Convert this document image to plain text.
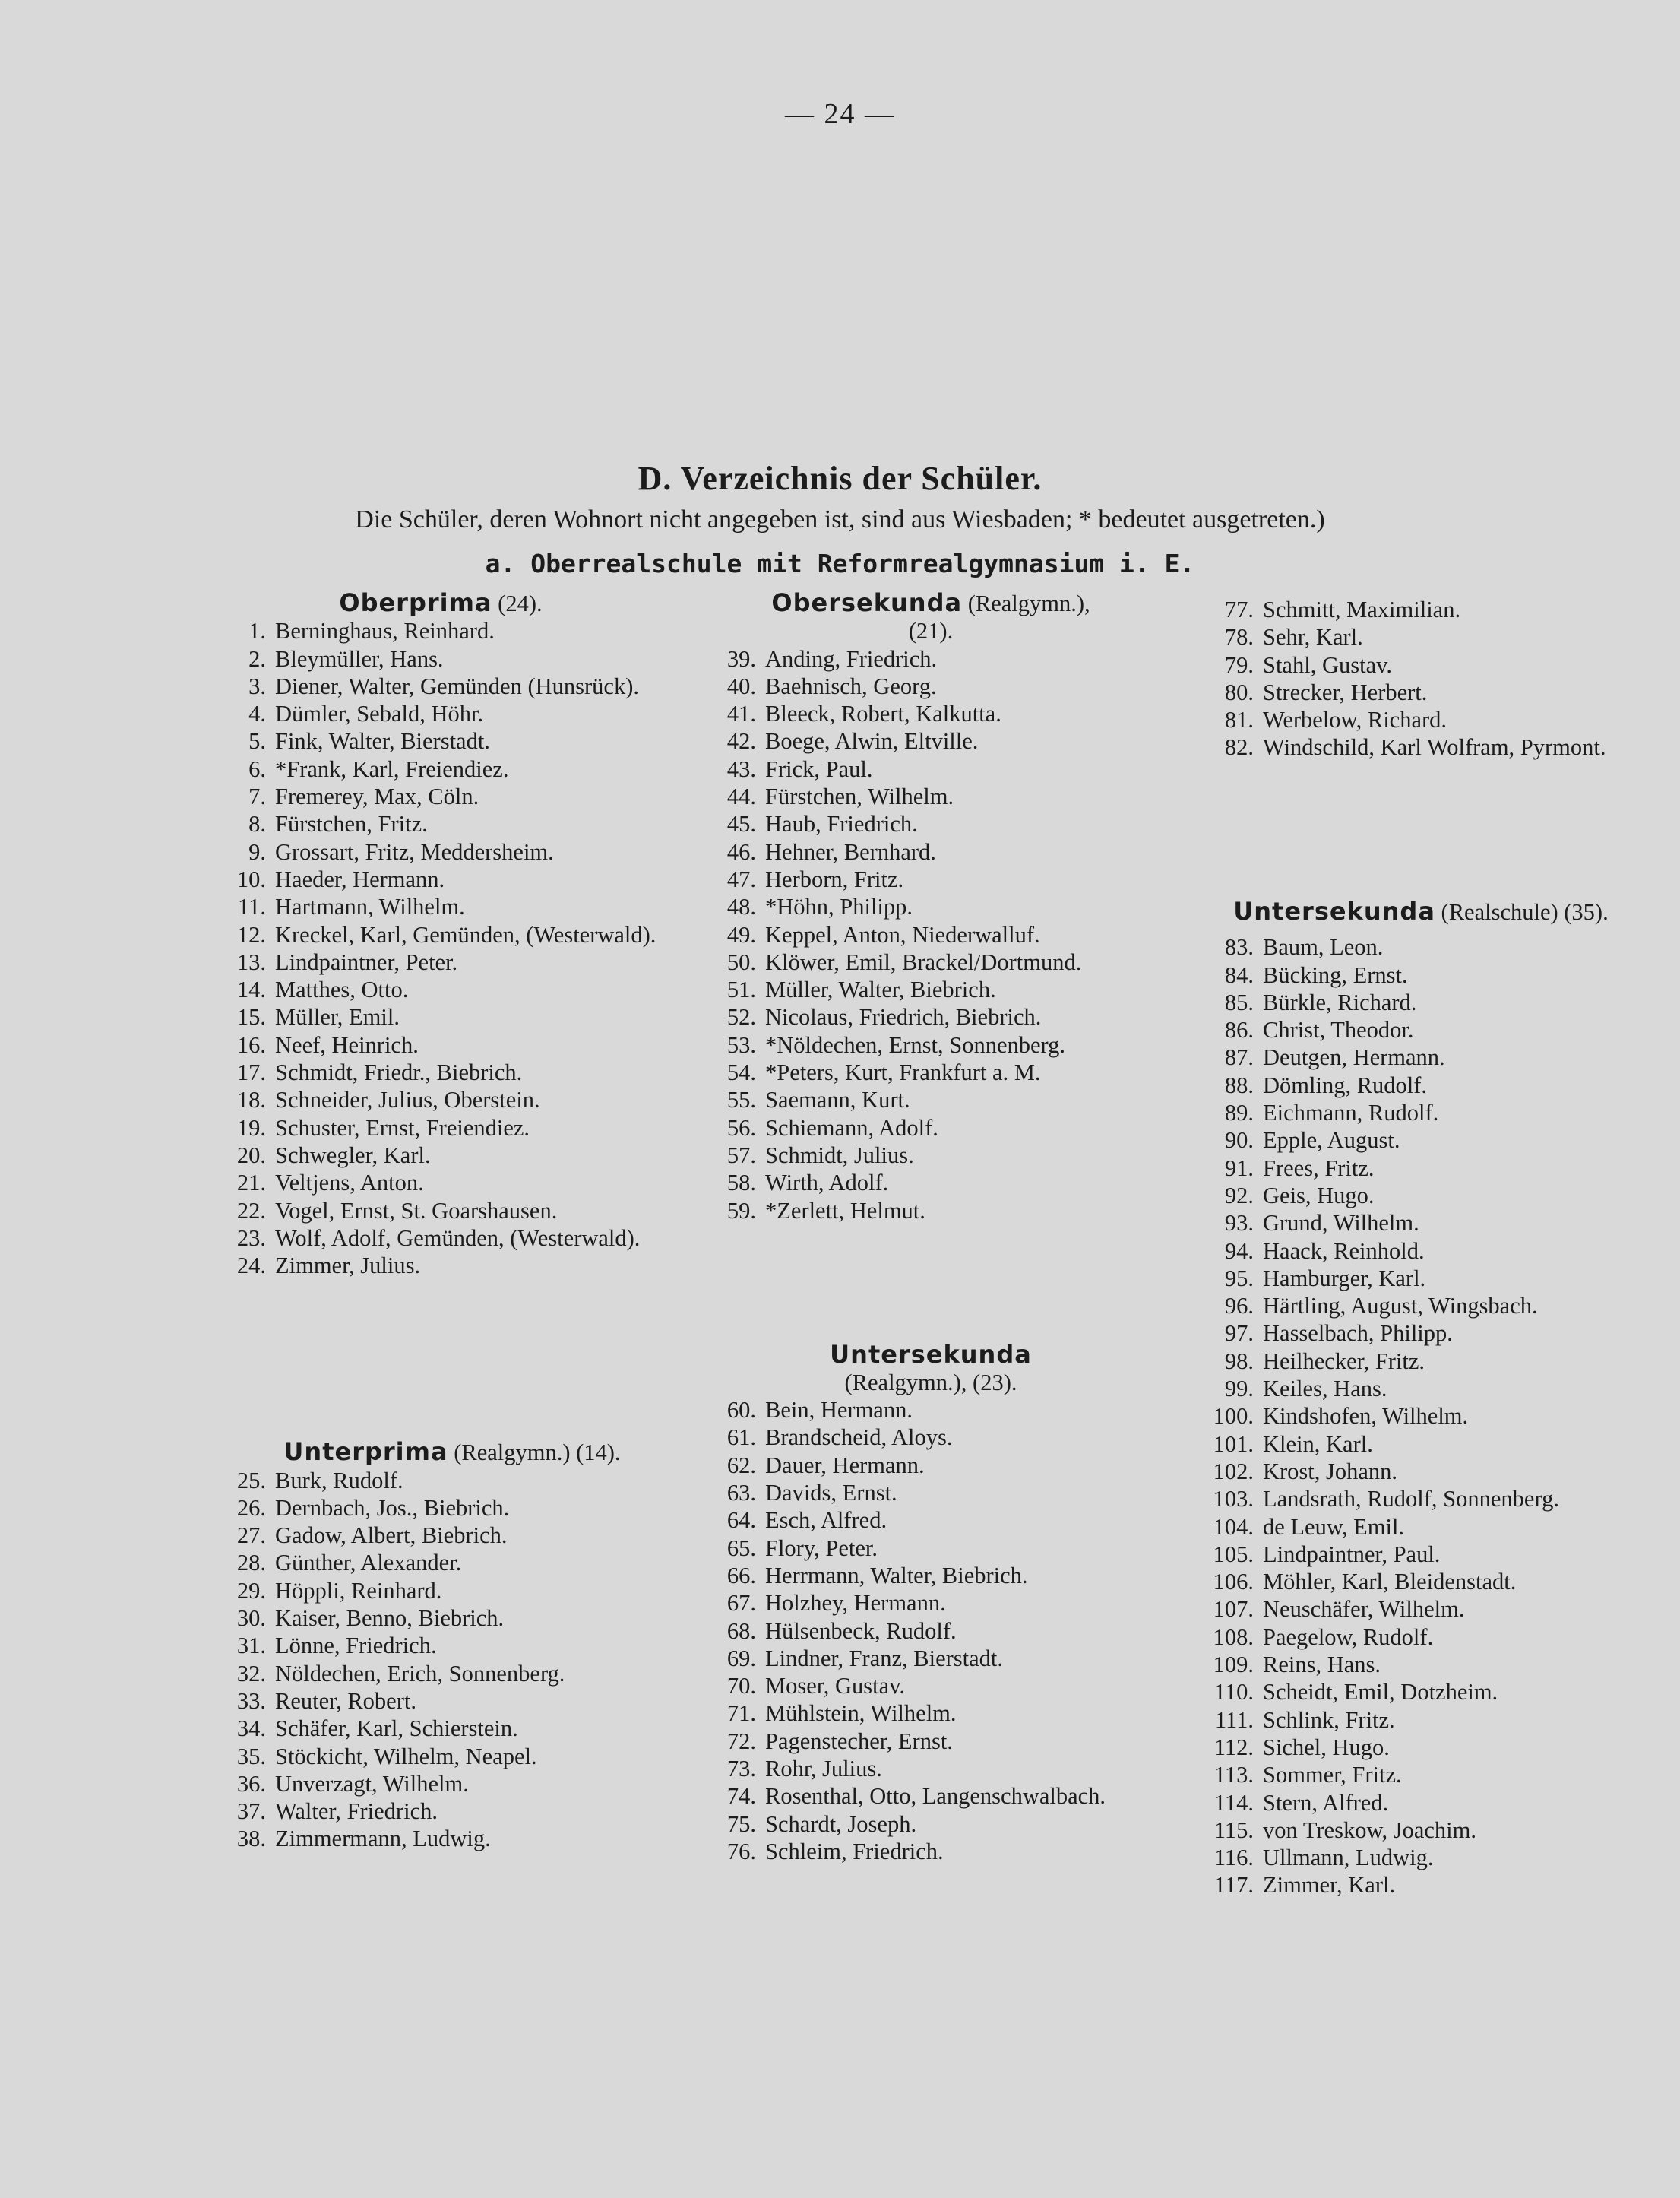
— 24 —
D. Verzeichnis der Schüler.
Die Schüler, deren Wohnort nicht angegeben ist, sind aus Wiesbaden; * bedeutet ausgetreten.)
a. Oberrealschule mit Reformrealgymnasium i. E.
Oberprima (24).
1. Berninghaus, Reinhard.
2. Bleymüller, Hans.
3. Diener, Walter, Gemünden (Hunsrück).
4. Dümler, Sebald, Höhr.
5. Fink, Walter, Bierstadt.
6. *Frank, Karl, Freiendiez.
7. Fremerey, Max, Cöln.
8. Fürstchen, Fritz.
9. Grossart, Fritz, Meddersheim.
10. Haeder, Hermann.
11. Hartmann, Wilhelm.
12. Kreckel, Karl, Gemünden, (Westerwald).
13. Lindpaintner, Peter.
14. Matthes, Otto.
15. Müller, Emil.
16. Neef, Heinrich.
17. Schmidt, Friedr., Biebrich.
18. Schneider, Julius, Oberstein.
19. Schuster, Ernst, Freiendiez.
20. Schwegler, Karl.
21. Veltjens, Anton.
22. Vogel, Ernst, St. Goarshausen.
23. Wolf, Adolf, Gemünden, (Westerwald).
24. Zimmer, Julius.
Unterprima (Realgymn.) (14).
25. Burk, Rudolf.
26. Dernbach, Jos., Biebrich.
27. Gadow, Albert, Biebrich.
28. Günther, Alexander.
29. Höppli, Reinhard.
30. Kaiser, Benno, Biebrich.
31. Lönne, Friedrich.
32. Nöldechen, Erich, Sonnenberg.
33. Reuter, Robert.
34. Schäfer, Karl, Schierstein.
35. Stöckicht, Wilhelm, Neapel.
36. Unverzagt, Wilhelm.
37. Walter, Friedrich.
38. Zimmermann, Ludwig.
Obersekunda (Realgymn.), (21).
39. Anding, Friedrich.
40. Baehnisch, Georg.
41. Bleeck, Robert, Kalkutta.
42. Boege, Alwin, Eltville.
43. Frick, Paul.
44. Fürstchen, Wilhelm.
45. Haub, Friedrich.
46. Hehner, Bernhard.
47. Herborn, Fritz.
48. *Höhn, Philipp.
49. Keppel, Anton, Niederwalluf.
50. Klöwer, Emil, Brackel/Dortmund.
51. Müller, Walter, Biebrich.
52. Nicolaus, Friedrich, Biebrich.
53. *Nöldechen, Ernst, Sonnenberg.
54. *Peters, Kurt, Frankfurt a. M.
55. Saemann, Kurt.
56. Schiemann, Adolf.
57. Schmidt, Julius.
58. Wirth, Adolf.
59. *Zerlett, Helmut.
Untersekunda
(Realgymn.), (23).
60. Bein, Hermann.
61. Brandscheid, Aloys.
62. Dauer, Hermann.
63. Davids, Ernst.
64. Esch, Alfred.
65. Flory, Peter.
66. Herrmann, Walter, Biebrich.
67. Holzhey, Hermann.
68. Hülsenbeck, Rudolf.
69. Lindner, Franz, Bierstadt.
70. Moser, Gustav.
71. Mühlstein, Wilhelm.
72. Pagenstecher, Ernst.
73. Rohr, Julius.
74. Rosenthal, Otto, Langenschwalbach.
75. Schardt, Joseph.
76. Schleim, Friedrich.
77. Schmitt, Maximilian.
78. Sehr, Karl.
79. Stahl, Gustav.
80. Strecker, Herbert.
81. Werbelow, Richard.
82. Windschild, Karl Wolfram, Pyrmont.
Untersekunda (Realschule) (35).
83. Baum, Leon.
84. Bücking, Ernst.
85. Bürkle, Richard.
86. Christ, Theodor.
87. Deutgen, Hermann.
88. Dömling, Rudolf.
89. Eichmann, Rudolf.
90. Epple, August.
91. Frees, Fritz.
92. Geis, Hugo.
93. Grund, Wilhelm.
94. Haack, Reinhold.
95. Hamburger, Karl.
96. Härtling, August, Wingsbach.
97. Hasselbach, Philipp.
98. Heilhecker, Fritz.
99. Keiles, Hans.
100. Kindshofen, Wilhelm.
101. Klein, Karl.
102. Krost, Johann.
103. Landsrath, Rudolf, Sonnenberg.
104. de Leuw, Emil.
105. Lindpaintner, Paul.
106. Möhler, Karl, Bleidenstadt.
107. Neuschäfer, Wilhelm.
108. Paegelow, Rudolf.
109. Reins, Hans.
110. Scheidt, Emil, Dotzheim.
111. Schlink, Fritz.
112. Sichel, Hugo.
113. Sommer, Fritz.
114. Stern, Alfred.
115. von Treskow, Joachim.
116. Ullmann, Ludwig.
117. Zimmer, Karl.
